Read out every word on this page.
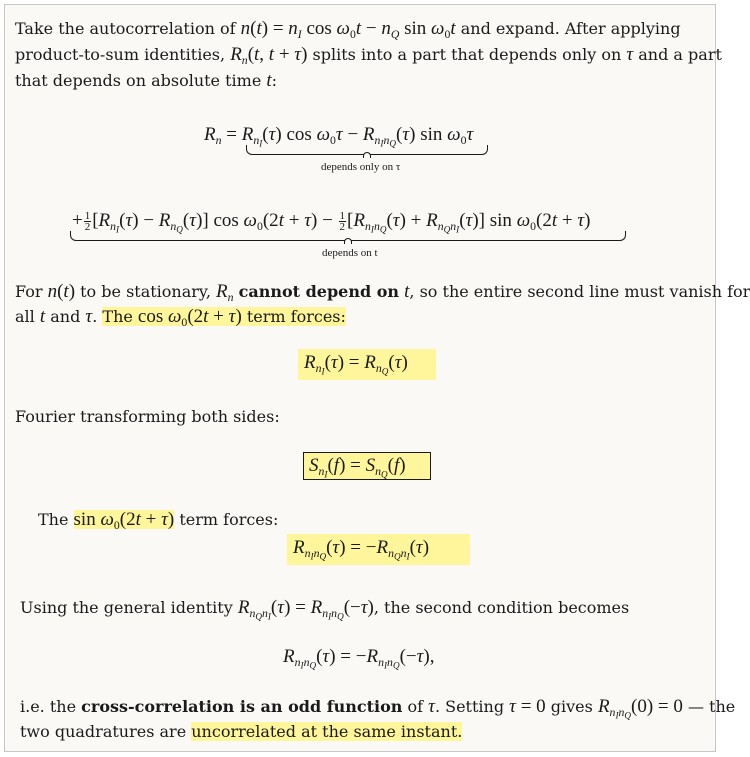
Take the autocorrelation of $n(t) = n_I$ $\cos \omega_0t - n_Q$ $\sin \omega_0t$ and expand. After applying
product-to-sum identities, $R_n(t$, t + τ) splits into a part that depends only on τ and a part
that depends on absolute time t:
$R_n = R_{nI}(\tau)$ $\cos \omega_0\tau - R_{nInQ}(\tau)$ $\sin \omega_0\tau$
depends only on τ
+ $\frac{1}{2} [R_{nI}(\tau) - R_{nQ}(\tau)]$ $\cos \omega_0(2t + \tau) - \frac{1}{2} [R_{nInQ}(\tau) + R_{nQnI}(\tau)]$ $\sin \omega_0(2t + \tau)$
depends on t
For n(t) to be stationary, $R_n$ cannot depend on t, so the entire second line must vanish for
all t and τ. The $\cos \omega_0(2t + \tau)$ term forces:
$R_{nI}(\tau) = R_{nQ}(\tau)$
Fourier transforming both sides:
$S_{nI}(f) = S_{nQ}(f)$
The $\sin \omega_0(2t + \tau)$ term forces:
$R_{nInQ}(\tau) = -R_{nQnI}(\tau)$
Using the general identity $R_{nQnI}(\tau) = R_{nInQ}(-\tau)$, the second condition becomes
$R_{nInQ}(\tau) = -R_{nInQ}(-\tau)$,
i.e. the cross-correlation is an odd function of τ. Setting τ = 0 gives $R_{nInQ}(0) = 0$ — the
two quadratures are uncorrelated at the same instant.
